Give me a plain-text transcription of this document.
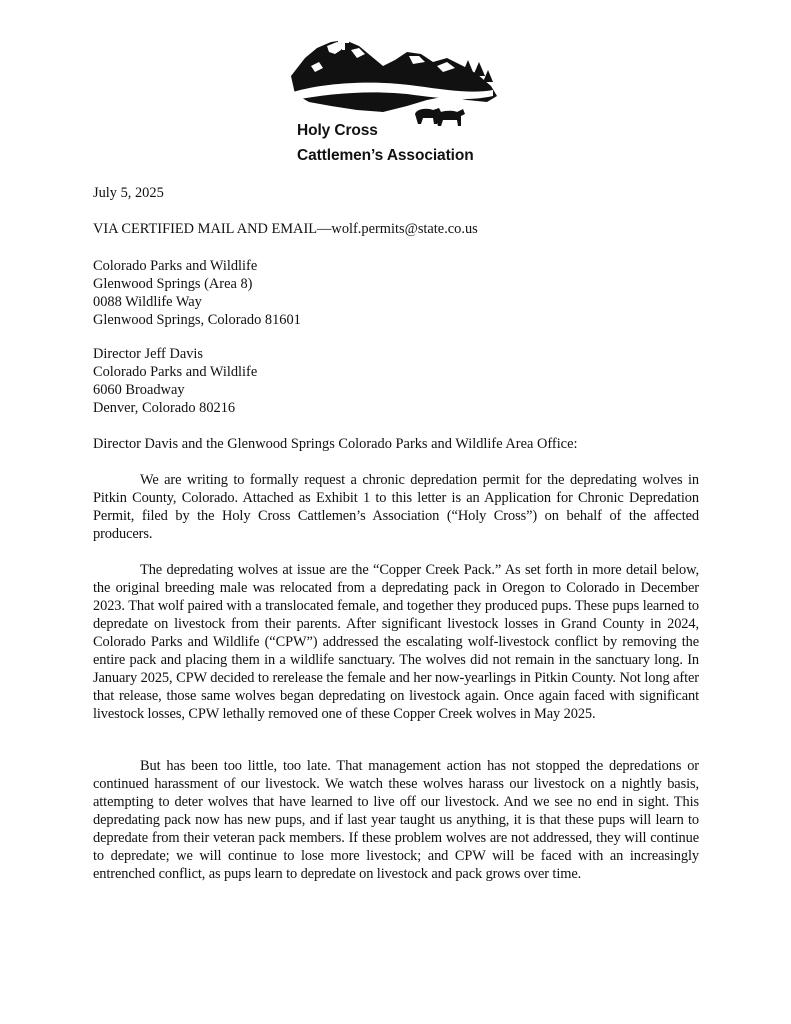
Holy Cross
Cattlemen’s Association
July 5, 2025
VIA CERTIFIED MAIL AND EMAIL—wolf.permits@state.co.us
Colorado Parks and Wildlife
Glenwood Springs (Area 8)
0088 Wildlife Way
Glenwood Springs, Colorado 81601
Director Jeff Davis
Colorado Parks and Wildlife
6060 Broadway
Denver, Colorado 80216
Director Davis and the Glenwood Springs Colorado Parks and Wildlife Area Office:
We are writing to formally request a chronic depredation permit for the depredating wolves in Pitkin County, Colorado. Attached as Exhibit 1 to this letter is an Application for Chronic Depredation Permit, filed by the Holy Cross Cattlemen’s Association (“Holy Cross”) on behalf of the affected producers.
The depredating wolves at issue are the “Copper Creek Pack.” As set forth in more detail below, the original breeding male was relocated from a depredating pack in Oregon to Colorado in December 2023. That wolf paired with a translocated female, and together they produced pups. These pups learned to depredate on livestock from their parents. After significant livestock losses in Grand County in 2024, Colorado Parks and Wildlife (“CPW”) addressed the escalating wolf-livestock conflict by removing the entire pack and placing them in a wildlife sanctuary. The wolves did not remain in the sanctuary long. In January 2025, CPW decided to rerelease the female and her now-yearlings in Pitkin County. Not long after that release, those same wolves began depredating on livestock again. Once again faced with significant livestock losses, CPW lethally removed one of these Copper Creek wolves in May 2025.
But has been too little, too late. That management action has not stopped the depredations or continued harassment of our livestock. We watch these wolves harass our livestock on a nightly basis, attempting to deter wolves that have learned to live off our livestock. And we see no end in sight. This depredating pack now has new pups, and if last year taught us anything, it is that these pups will learn to depredate from their veteran pack members. If these problem wolves are not addressed, they will continue to depredate; we will continue to lose more livestock; and CPW will be faced with an increasingly entrenched conflict, as pups learn to depredate on livestock and pack grows over time.
